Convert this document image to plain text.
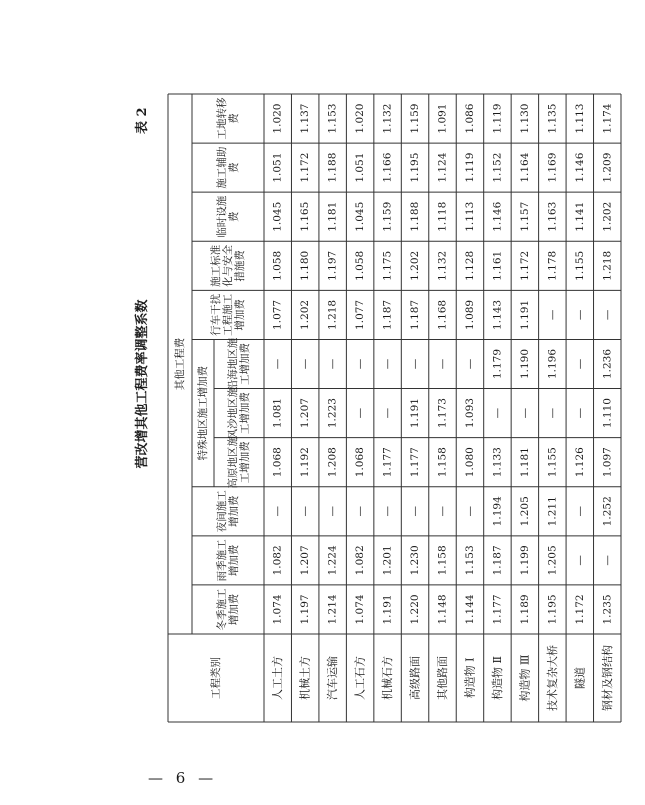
表 2
营改增其他工程费率调整系数
工程类别
其他工程费
特殊地区施工增加费
冬季施工增加费
雨季施工增加费
夜间施工增加费
高原地区施工增加费
风沙地区施工增加费
沿海地区施工增加费
行车干扰工程施工增加费
施工标准化与安全措施费
临时设施费
施工辅助费
工地转移费
人工土方
1.074
1.082
—
1.068
1.081
—
1.077
1.058
1.045
1.051
1.020
机械土方
1.197
1.207
—
1.192
1.207
—
1.202
1.180
1.165
1.172
1.137
汽车运输
1.214
1.224
—
1.208
1.223
—
1.218
1.197
1.181
1.188
1.153
人工石方
1.074
1.082
—
1.068
—
—
1.077
1.058
1.045
1.051
1.020
机械石方
1.191
1.201
—
1.177
—
—
1.187
1.175
1.159
1.166
1.132
高级路面
1.220
1.230
—
1.177
1.191
—
1.187
1.202
1.188
1.195
1.159
其他路面
1.148
1.158
—
1.158
1.173
—
1.168
1.132
1.118
1.124
1.091
构造物 Ⅰ
1.144
1.153
—
1.080
1.093
—
1.089
1.128
1.113
1.119
1.086
构造物 Ⅱ
1.177
1.187
1.194
1.133
—
1.179
1.143
1.161
1.146
1.152
1.119
构造物 Ⅲ
1.189
1.199
1.205
1.181
—
1.190
1.191
1.172
1.157
1.164
1.130
技术复杂大桥
1.195
1.205
1.211
1.155
—
1.196
—
1.178
1.163
1.169
1.135
隧道
1.172
—
—
1.126
—
—
—
1.155
1.141
1.146
1.113
钢材及钢结构
1.235
—
1.252
1.097
1.110
1.236
—
1.218
1.202
1.209
1.174
— 6 —
